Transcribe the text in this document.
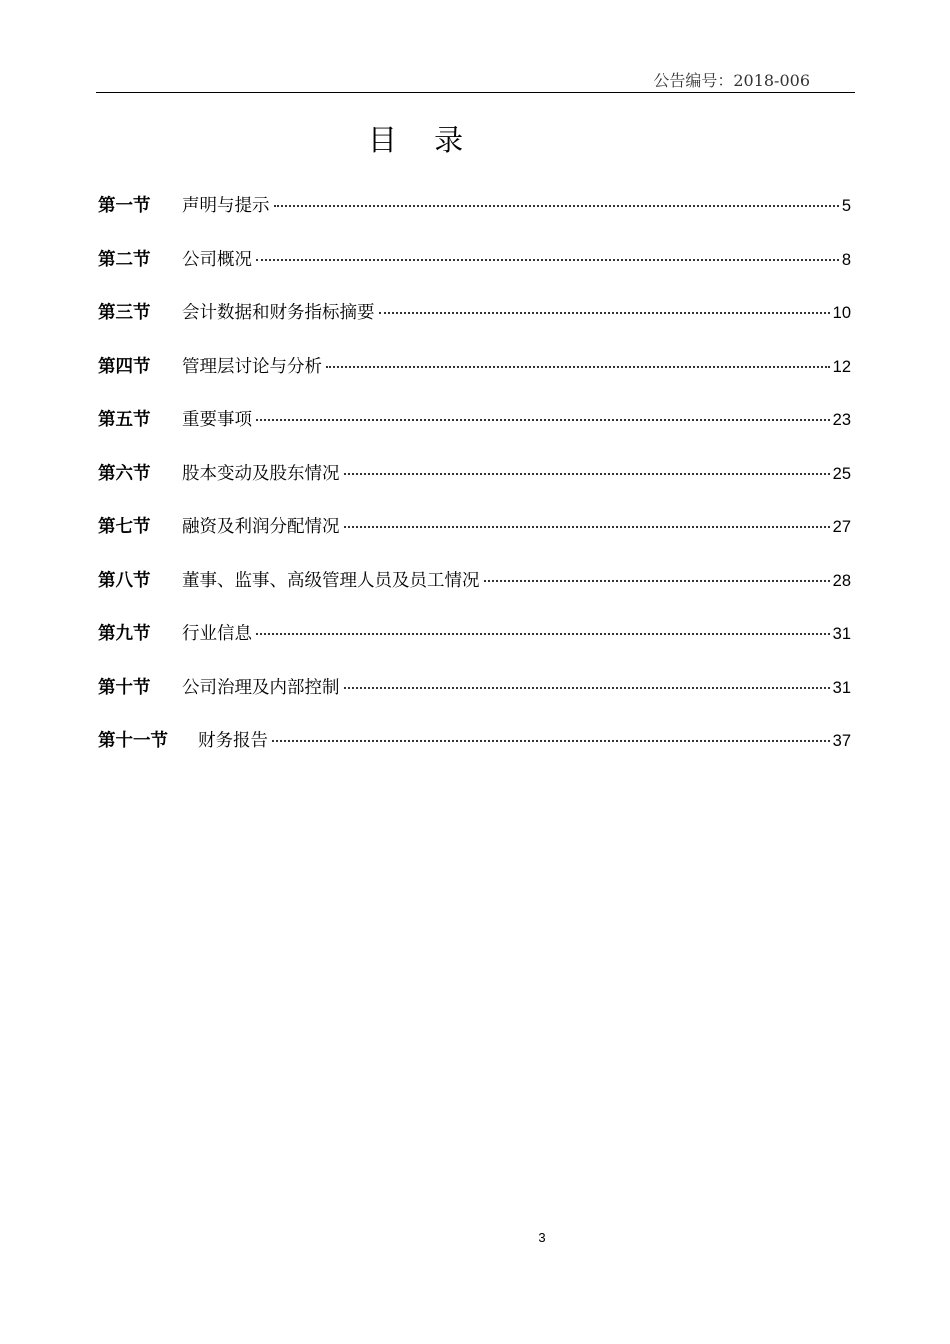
公告编号：2018-006
目 录
第一节	声明与提示	5
第二节	公司概况	8
第三节	会计数据和财务指标摘要	10
第四节	管理层讨论与分析	12
第五节	重要事项	23
第六节	股本变动及股东情况	25
第七节	融资及利润分配情况	27
第八节	董事、监事、高级管理人员及员工情况	28
第九节	行业信息	31
第十节	公司治理及内部控制	31
第十一节	财务报告	37
3
